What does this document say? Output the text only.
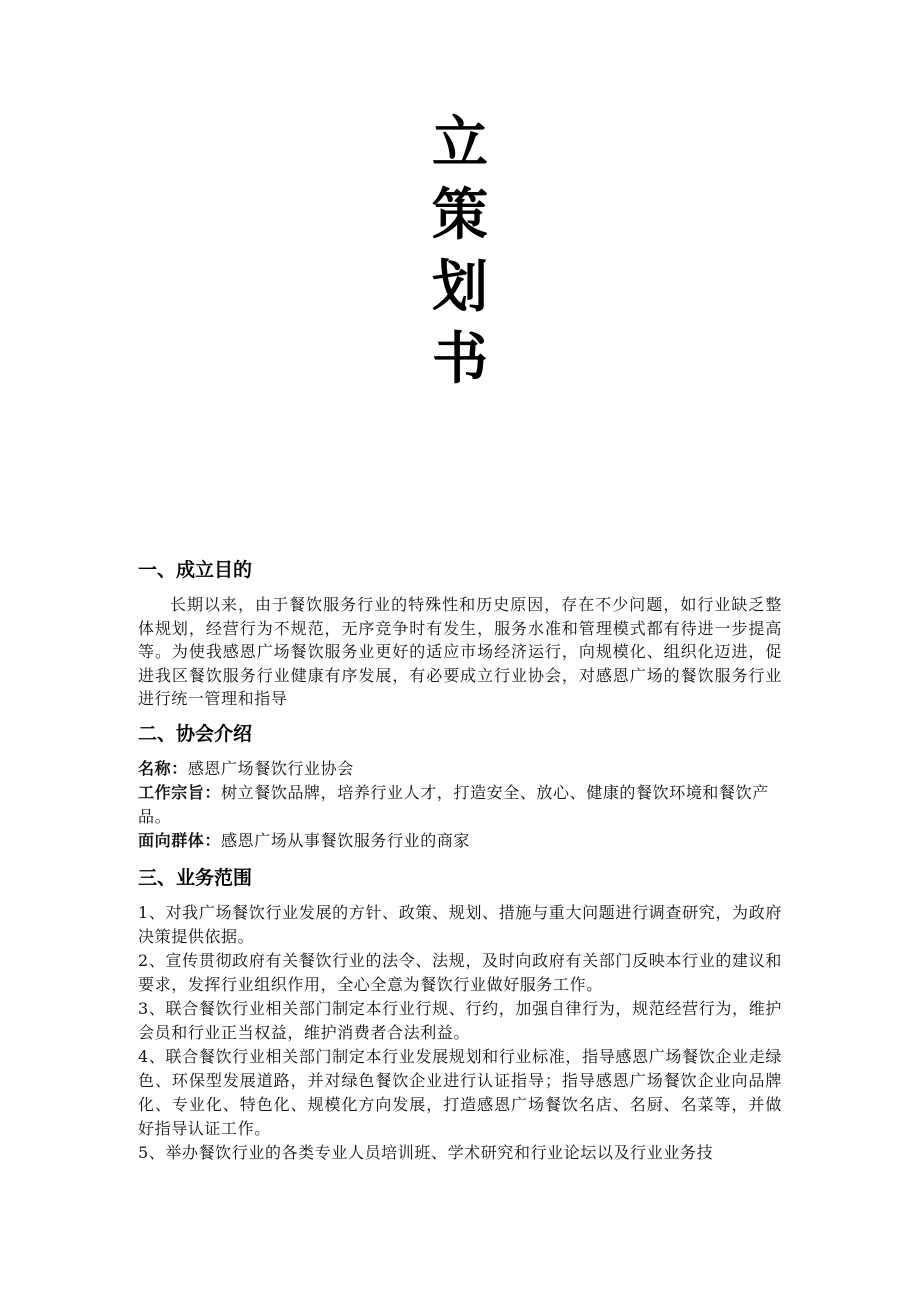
立
策
划
书
一、成立目的

长期以来，由于餐饮服务行业的特殊性和历史原因，存在不少问题，如行业缺乏整体规划，经营行为不规范，无序竞争时有发生，服务水准和管理模式都有待进一步提高等。为使我感恩广场餐饮服务业更好的适应市场经济运行，向规模化、组织化迈进，促进我区餐饮服务行业健康有序发展，有必要成立行业协会，对感恩广场的餐饮服务行业进行统一管理和指导

二、协会介绍

名称：感恩广场餐饮行业协会

工作宗旨：树立餐饮品牌，培养行业人才，打造安全、放心、健康的餐饮环境和餐饮产品。

面向群体：感恩广场从事餐饮服务行业的商家

三、业务范围

1、对我广场餐饮行业发展的方针、政策、规划、措施与重大问题进行调查研究，为政府决策提供依据。

2、宣传贯彻政府有关餐饮行业的法令、法规，及时向政府有关部门反映本行业的建议和要求，发挥行业组织作用，全心全意为餐饮行业做好服务工作。

3、联合餐饮行业相关部门制定本行业行规、行约，加强自律行为，规范经营行为，维护会员和行业正当权益，维护消费者合法利益。

4、联合餐饮行业相关部门制定本行业发展规划和行业标准，指导感恩广场餐饮企业走绿色、环保型发展道路，并对绿色餐饮企业进行认证指导；指导感恩广场餐饮企业向品牌化、专业化、特色化、规模化方向发展，打造感恩广场餐饮名店、名厨、名菜等，并做好指导认证工作。

5、举办餐饮行业的各类专业人员培训班、学术研究和行业论坛以及行业业务技
